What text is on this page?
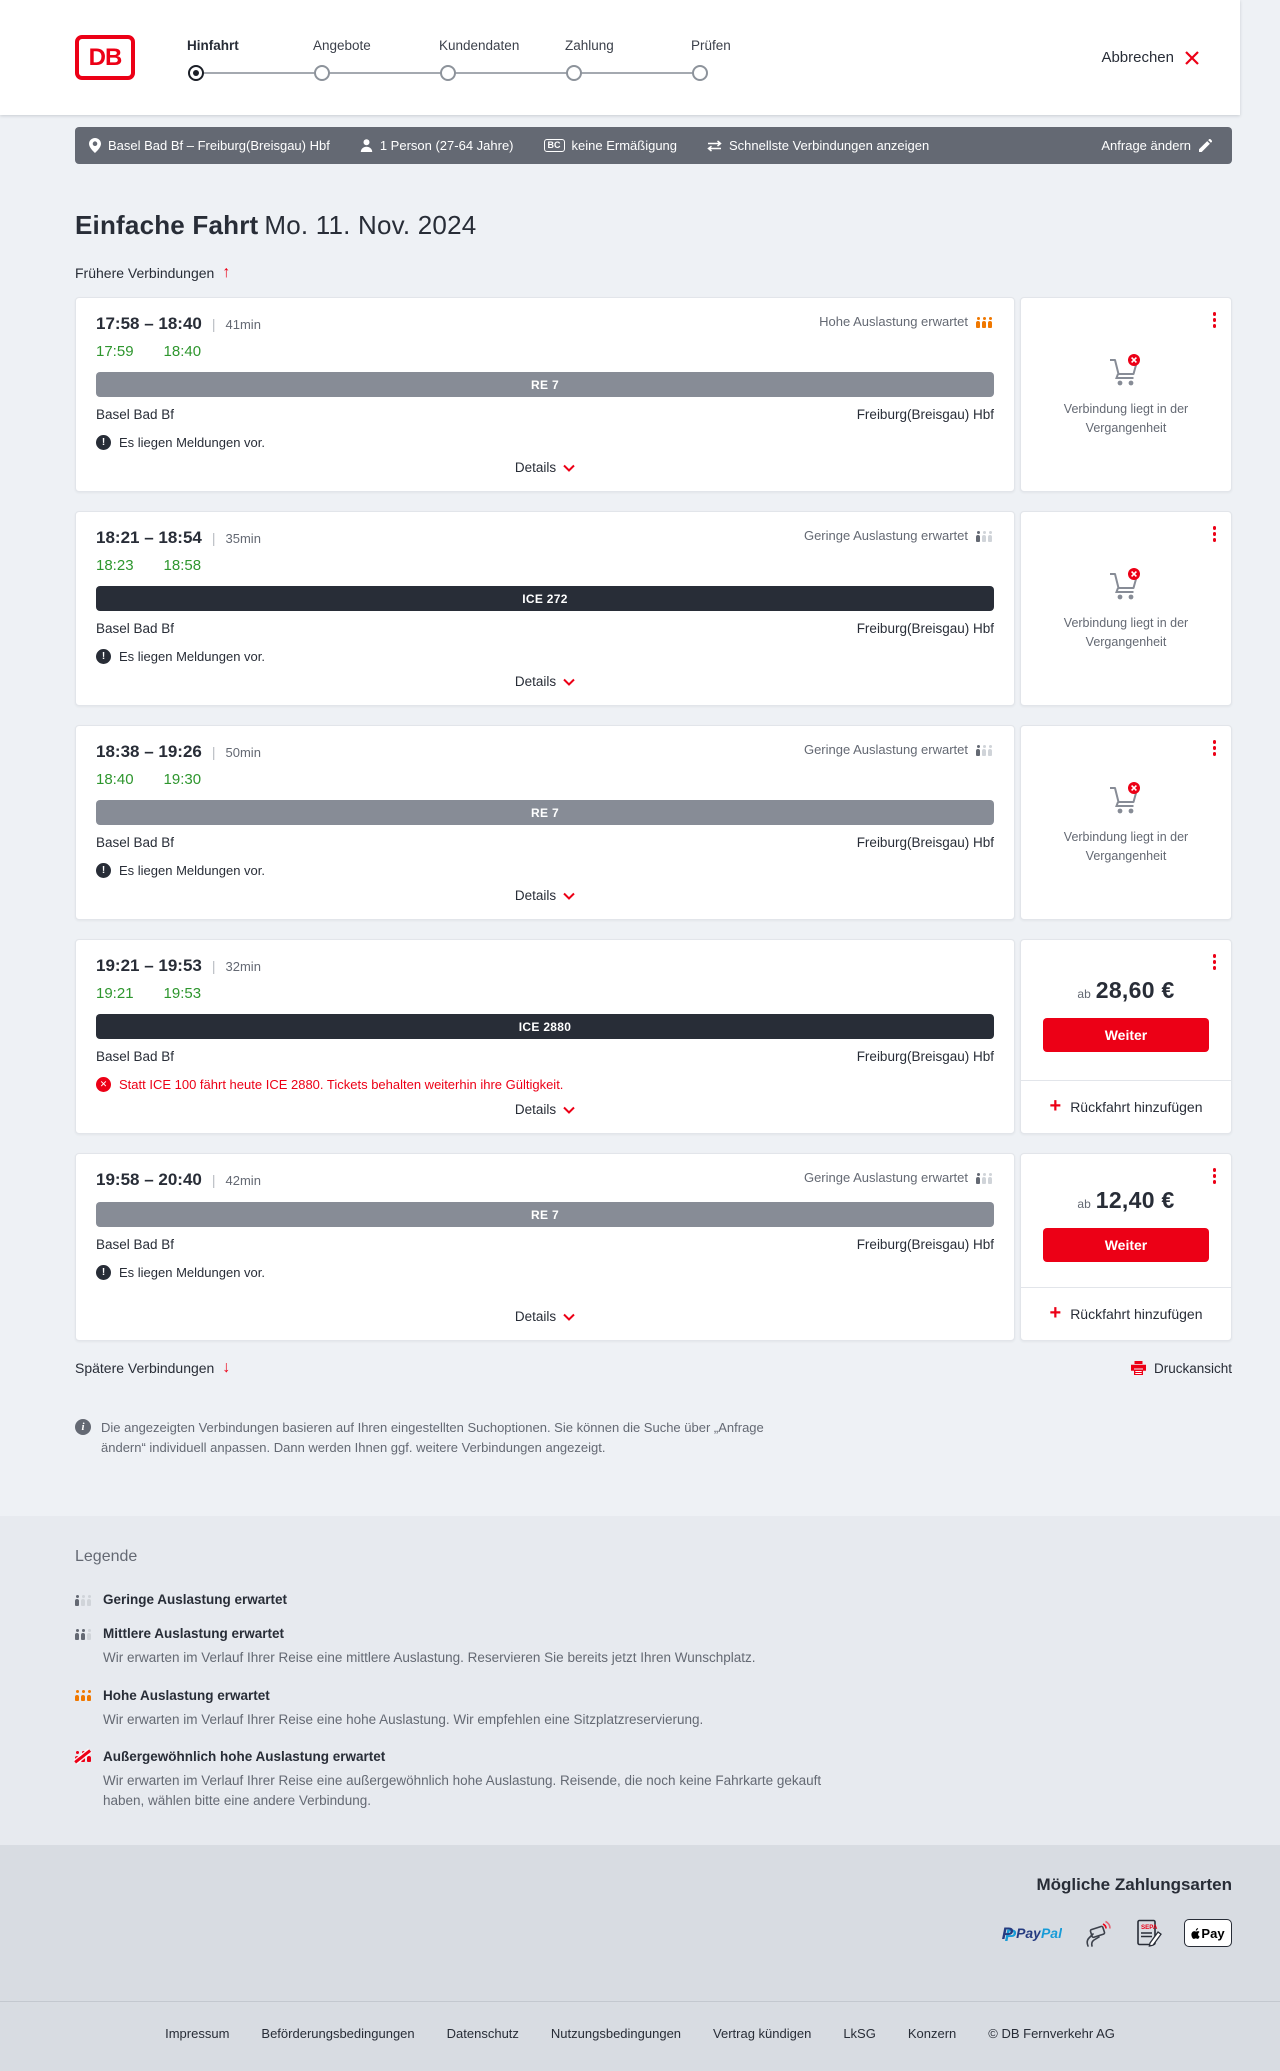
DB	Hinfahrt	Angebote	Kundendaten	Zahlung	Prüfen
Abbrechen
Basel Bad Bf – Freiburg(Breisgau) Hbf	1 Person (27-64 Jahre)	BC keine Ermäßigung	Schnellste Verbindungen anzeigen	Anfrage ändern
Einfache Fahrt Mo. 11. Nov. 2024
Frühere Verbindungen ↑
17:58 – 18:40 | 41min	Hohe Auslastung erwartet
17:59 18:40
RE 7
Basel Bad Bf	Freiburg(Breisgau) Hbf
!	Es liegen Meldungen vor.
Details
Verbindung liegt in der Vergangenheit
18:21 – 18:54 | 35min	Geringe Auslastung erwartet
18:23 18:58
ICE 272
Basel Bad Bf	Freiburg(Breisgau) Hbf
!	Es liegen Meldungen vor.
Details
Verbindung liegt in der Vergangenheit
18:38 – 19:26 | 50min	Geringe Auslastung erwartet
18:40 19:30
RE 7
Basel Bad Bf	Freiburg(Breisgau) Hbf
!	Es liegen Meldungen vor.
Details
Verbindung liegt in der Vergangenheit
19:21 – 19:53 | 32min
19:21 19:53
ICE 2880
Basel Bad Bf	Freiburg(Breisgau) Hbf
✕ Statt ICE 100 fährt heute ICE 2880. Tickets behalten weiterhin ihre Gültigkeit.
Details
ab 28,60 €
Weiter
+ Rückfahrt hinzufügen
19:58 – 20:40 | 42min	Geringe Auslastung erwartet
RE 7
Basel Bad Bf	Freiburg(Breisgau) Hbf
!	Es liegen Meldungen vor.
Details
ab 12,40 €
Weiter
+ Rückfahrt hinzufügen
Spätere Verbindungen ↓	Druckansicht
i	Die angezeigten Verbindungen basieren auf Ihren eingestellten Suchoptionen. Sie können die Suche über „Anfrage ändern“ individuell anpassen. Dann werden Ihnen ggf. weitere Verbindungen angezeigt.

Legende
Geringe Auslastung erwartet
Mittlere Auslastung erwartet
Wir erwarten im Verlauf Ihrer Reise eine mittlere Auslastung. Reservieren Sie bereits jetzt Ihren Wunschplatz.
Hohe Auslastung erwartet
Wir erwarten im Verlauf Ihrer Reise eine hohe Auslastung. Wir empfehlen eine Sitzplatzreservierung.
Außergewöhnlich hohe Auslastung erwartet
Wir erwarten im Verlauf Ihrer Reise eine außergewöhnlich hohe Auslastung. Reisende, die noch keine Fahrkarte gekauft haben, wählen bitte eine andere Verbindung.
Mögliche Zahlungsarten
P P PayPal	SEPA	Pay
Impressum Beförderungsbedingungen Datenschutz Nutzungsbedingungen Vertrag kündigen LkSG Konzern © DB Fernverkehr AG
